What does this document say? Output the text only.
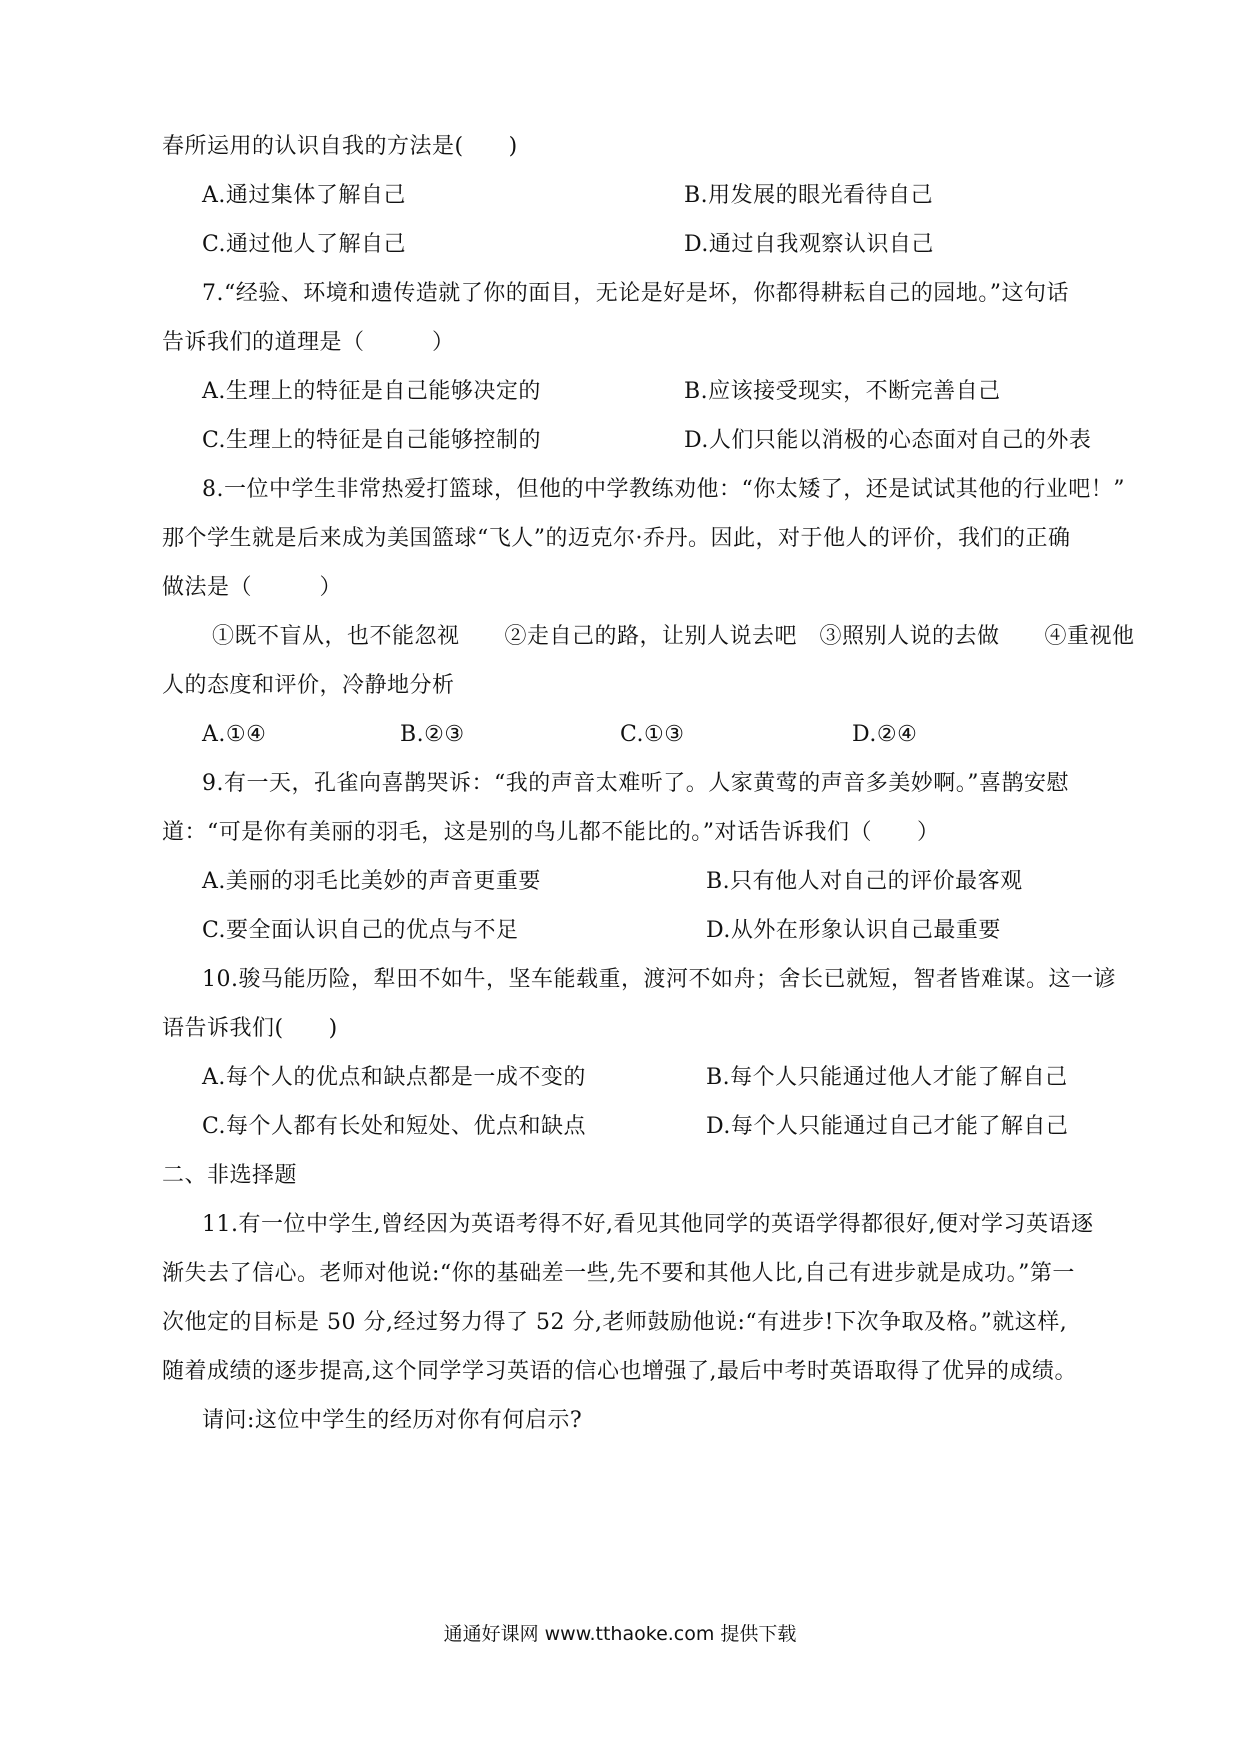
春所运用的认识自我的方法是(　　)
A.通过集体了解自己	B.用发展的眼光看待自己
C.通过他人了解自己	D.通过自我观察认识自己
7.“经验、环境和遗传造就了你的面目，无论是好是坏，你都得耕耘自己的园地。”这句话
告诉我们的道理是（　　　）
A.生理上的特征是自己能够决定的	B.应该接受现实，不断完善自己
C.生理上的特征是自己能够控制的	D.人们只能以消极的心态面对自己的外表
8.一位中学生非常热爱打篮球，但他的中学教练劝他：“你太矮了，还是试试其他的行业吧！”
那个学生就是后来成为美国篮球“飞人”的迈克尔·乔丹。因此，对于他人的评价，我们的正确
做法是（　　　）
①既不盲从，也不能忽视　　②走自己的路，让别人说去吧　③照别人说的去做　　④重视他
人的态度和评价，冷静地分析
A.①④	B.②③	C.①③	D.②④
9.有一天，孔雀向喜鹊哭诉：“我的声音太难听了。人家黄莺的声音多美妙啊。”喜鹊安慰
道：“可是你有美丽的羽毛，这是别的鸟儿都不能比的。”对话告诉我们（　　）
A.美丽的羽毛比美妙的声音更重要	B.只有他人对自己的评价最客观
C.要全面认识自己的优点与不足	D.从外在形象认识自己最重要
10.骏马能历险，犁田不如牛，坚车能载重，渡河不如舟；舍长已就短，智者皆难谋。这一谚
语告诉我们(　　)
A.每个人的优点和缺点都是一成不变的	B.每个人只能通过他人才能了解自己
C.每个人都有长处和短处、优点和缺点	D.每个人只能通过自己才能了解自己
二、非选择题
11.有一位中学生,曾经因为英语考得不好,看见其他同学的英语学得都很好,便对学习英语逐
渐失去了信心。老师对他说:“你的基础差一些,先不要和其他人比,自己有进步就是成功。”第一
次他定的目标是 50 分,经过努力得了 52 分,老师鼓励他说:“有进步!下次争取及格。”就这样,
随着成绩的逐步提高,这个同学学习英语的信心也增强了,最后中考时英语取得了优异的成绩。
请问:这位中学生的经历对你有何启示?
通通好课网 www.tthaoke.com 提供下载
